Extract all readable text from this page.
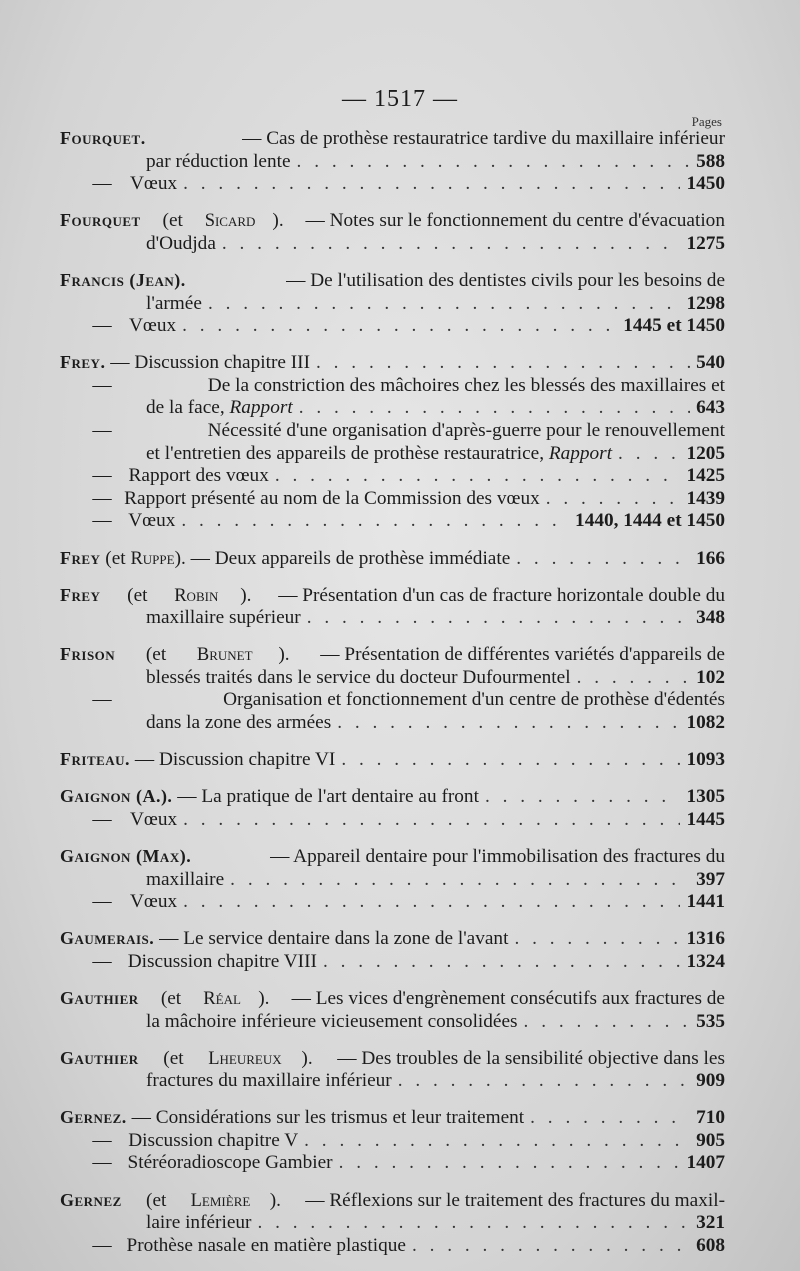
— 1517 —
Pages
Fourquet.
	— Cas de prothèse restauratrice tardive du maxillaire inférieur
par réduction lente . . .	588
— Vœux . . .	1450
Fourquet (et Sicard ). — Notes sur le fonctionnement du centre d'évacuation
d'Oudjda . . .	1275
Francis (Jean).
	— De l'utilisation des dentistes civils pour les besoins de
l'armée . . .	1298
— Vœux . . .	1445 et 1450
Frey.
— Discussion chapitre III . . .	540
—	De la constriction des mâchoires chez les blessés des maxillaires et
de la face, Rapport . . .	643
—	Nécessité d'une organisation d'après-guerre pour le renouvellement
et l'entretien des appareils de prothèse restauratrice, Rapport . . .	1205
— Rapport des vœux . . .	1425
— Rapport présenté au nom de la Commission des vœux . . .	1439
— Vœux . . .	1440, 1444 et 1450
Frey (et Ruppe ). — Deux appareils de prothèse immédiate . . .	166
Frey (et Robin ). — Présentation d'un cas de fracture horizontale double du
maxillaire supérieur . . .	348
Frison (et Brunet ). — Présentation de différentes variétés d'appareils de
blessés traités dans le service du docteur Dufourmentel . . .	102
—	Organisation et fonctionnement d'un centre de prothèse d'édentés
dans la zone des armées . . .	1082
Friteau.
— Discussion chapitre VI . . .	1093
Gaignon (A.).
— La pratique de l'art dentaire au front . . .	1305
— Vœux . . .	1445
Gaignon (Max).
	— Appareil dentaire pour l'immobilisation des fractures du
maxillaire . . .	397
— Vœux . . .	1441
Gaumerais.
— Le service dentaire dans la zone de l'avant . . .	1316
— Discussion chapitre VIII . . .	1324
Gauthier (et Réal ). — Les vices d'engrènement consécutifs aux fractures de
la mâchoire inférieure vicieusement consolidées . . .	535
Gauthier (et Lheureux ). — Des troubles de la sensibilité objective dans les
fractures du maxillaire inférieur . . .	909
Gernez.
— Considérations sur les trismus et leur traitement . . .	710
— Discussion chapitre V . . .	905
— Stéréoradioscope Gambier . . .	1407
Gernez (et Lemière ). — Réflexions sur le traitement des fractures du maxil-
laire inférieur . . .	321
— Prothèse nasale en matière plastique . . .	608
